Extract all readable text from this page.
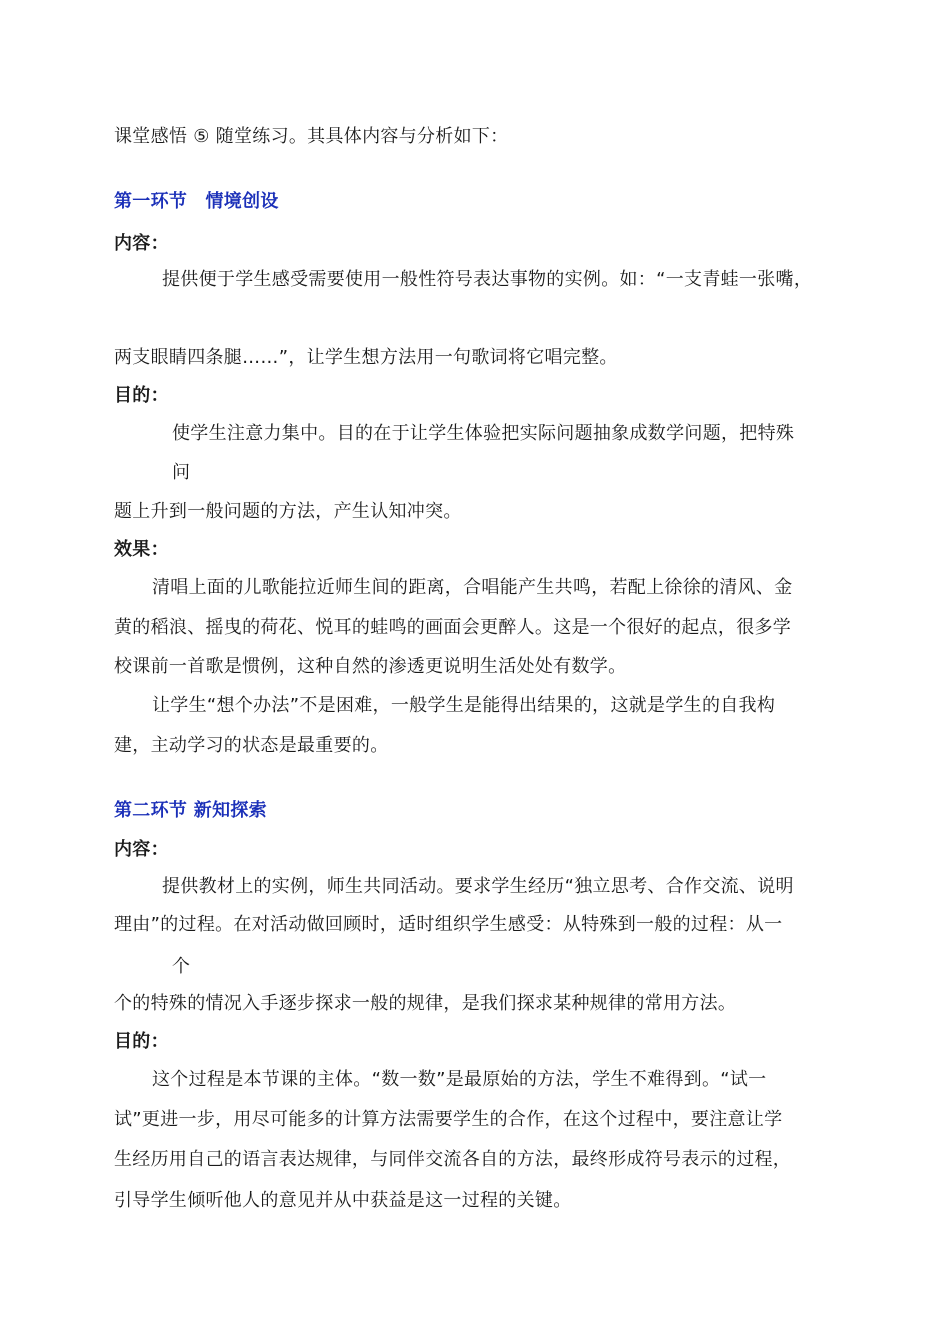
课堂感悟 ⑤ 随堂练习。其具体内容与分析如下：
第一环节　情境创设
内容：
提供便于学生感受需要使用一般性符号表达事物的实例。如：“一支青蛙一张嘴，
两支眼睛四条腿……”，让学生想方法用一句歌词将它唱完整。
目的：
使学生注意力集中。目的在于让学生体验把实际问题抽象成数学问题，把特殊
问
题上升到一般问题的方法，产生认知冲突。
效果：
清唱上面的儿歌能拉近师生间的距离，合唱能产生共鸣，若配上徐徐的清风、金
黄的稻浪、摇曳的荷花、悦耳的蛙鸣的画面会更醉人。这是一个很好的起点，很多学
校课前一首歌是惯例，这种自然的渗透更说明生活处处有数学。
让学生“想个办法”不是困难，一般学生是能得出结果的，这就是学生的自我构
建，主动学习的状态是最重要的。
第二环节 新知探索
内容：
提供教材上的实例，师生共同活动。要求学生经历“独立思考、合作交流、说明
理由”的过程。在对活动做回顾时，适时组织学生感受：从特殊到一般的过程：从一
个
个的特殊的情况入手逐步探求一般的规律，是我们探求某种规律的常用方法。
目的：
这个过程是本节课的主体。“数一数”是最原始的方法，学生不难得到。“试一
试”更进一步，用尽可能多的计算方法需要学生的合作，在这个过程中，要注意让学
生经历用自己的语言表达规律，与同伴交流各自的方法，最终形成符号表示的过程，
引导学生倾听他人的意见并从中获益是这一过程的关键。
